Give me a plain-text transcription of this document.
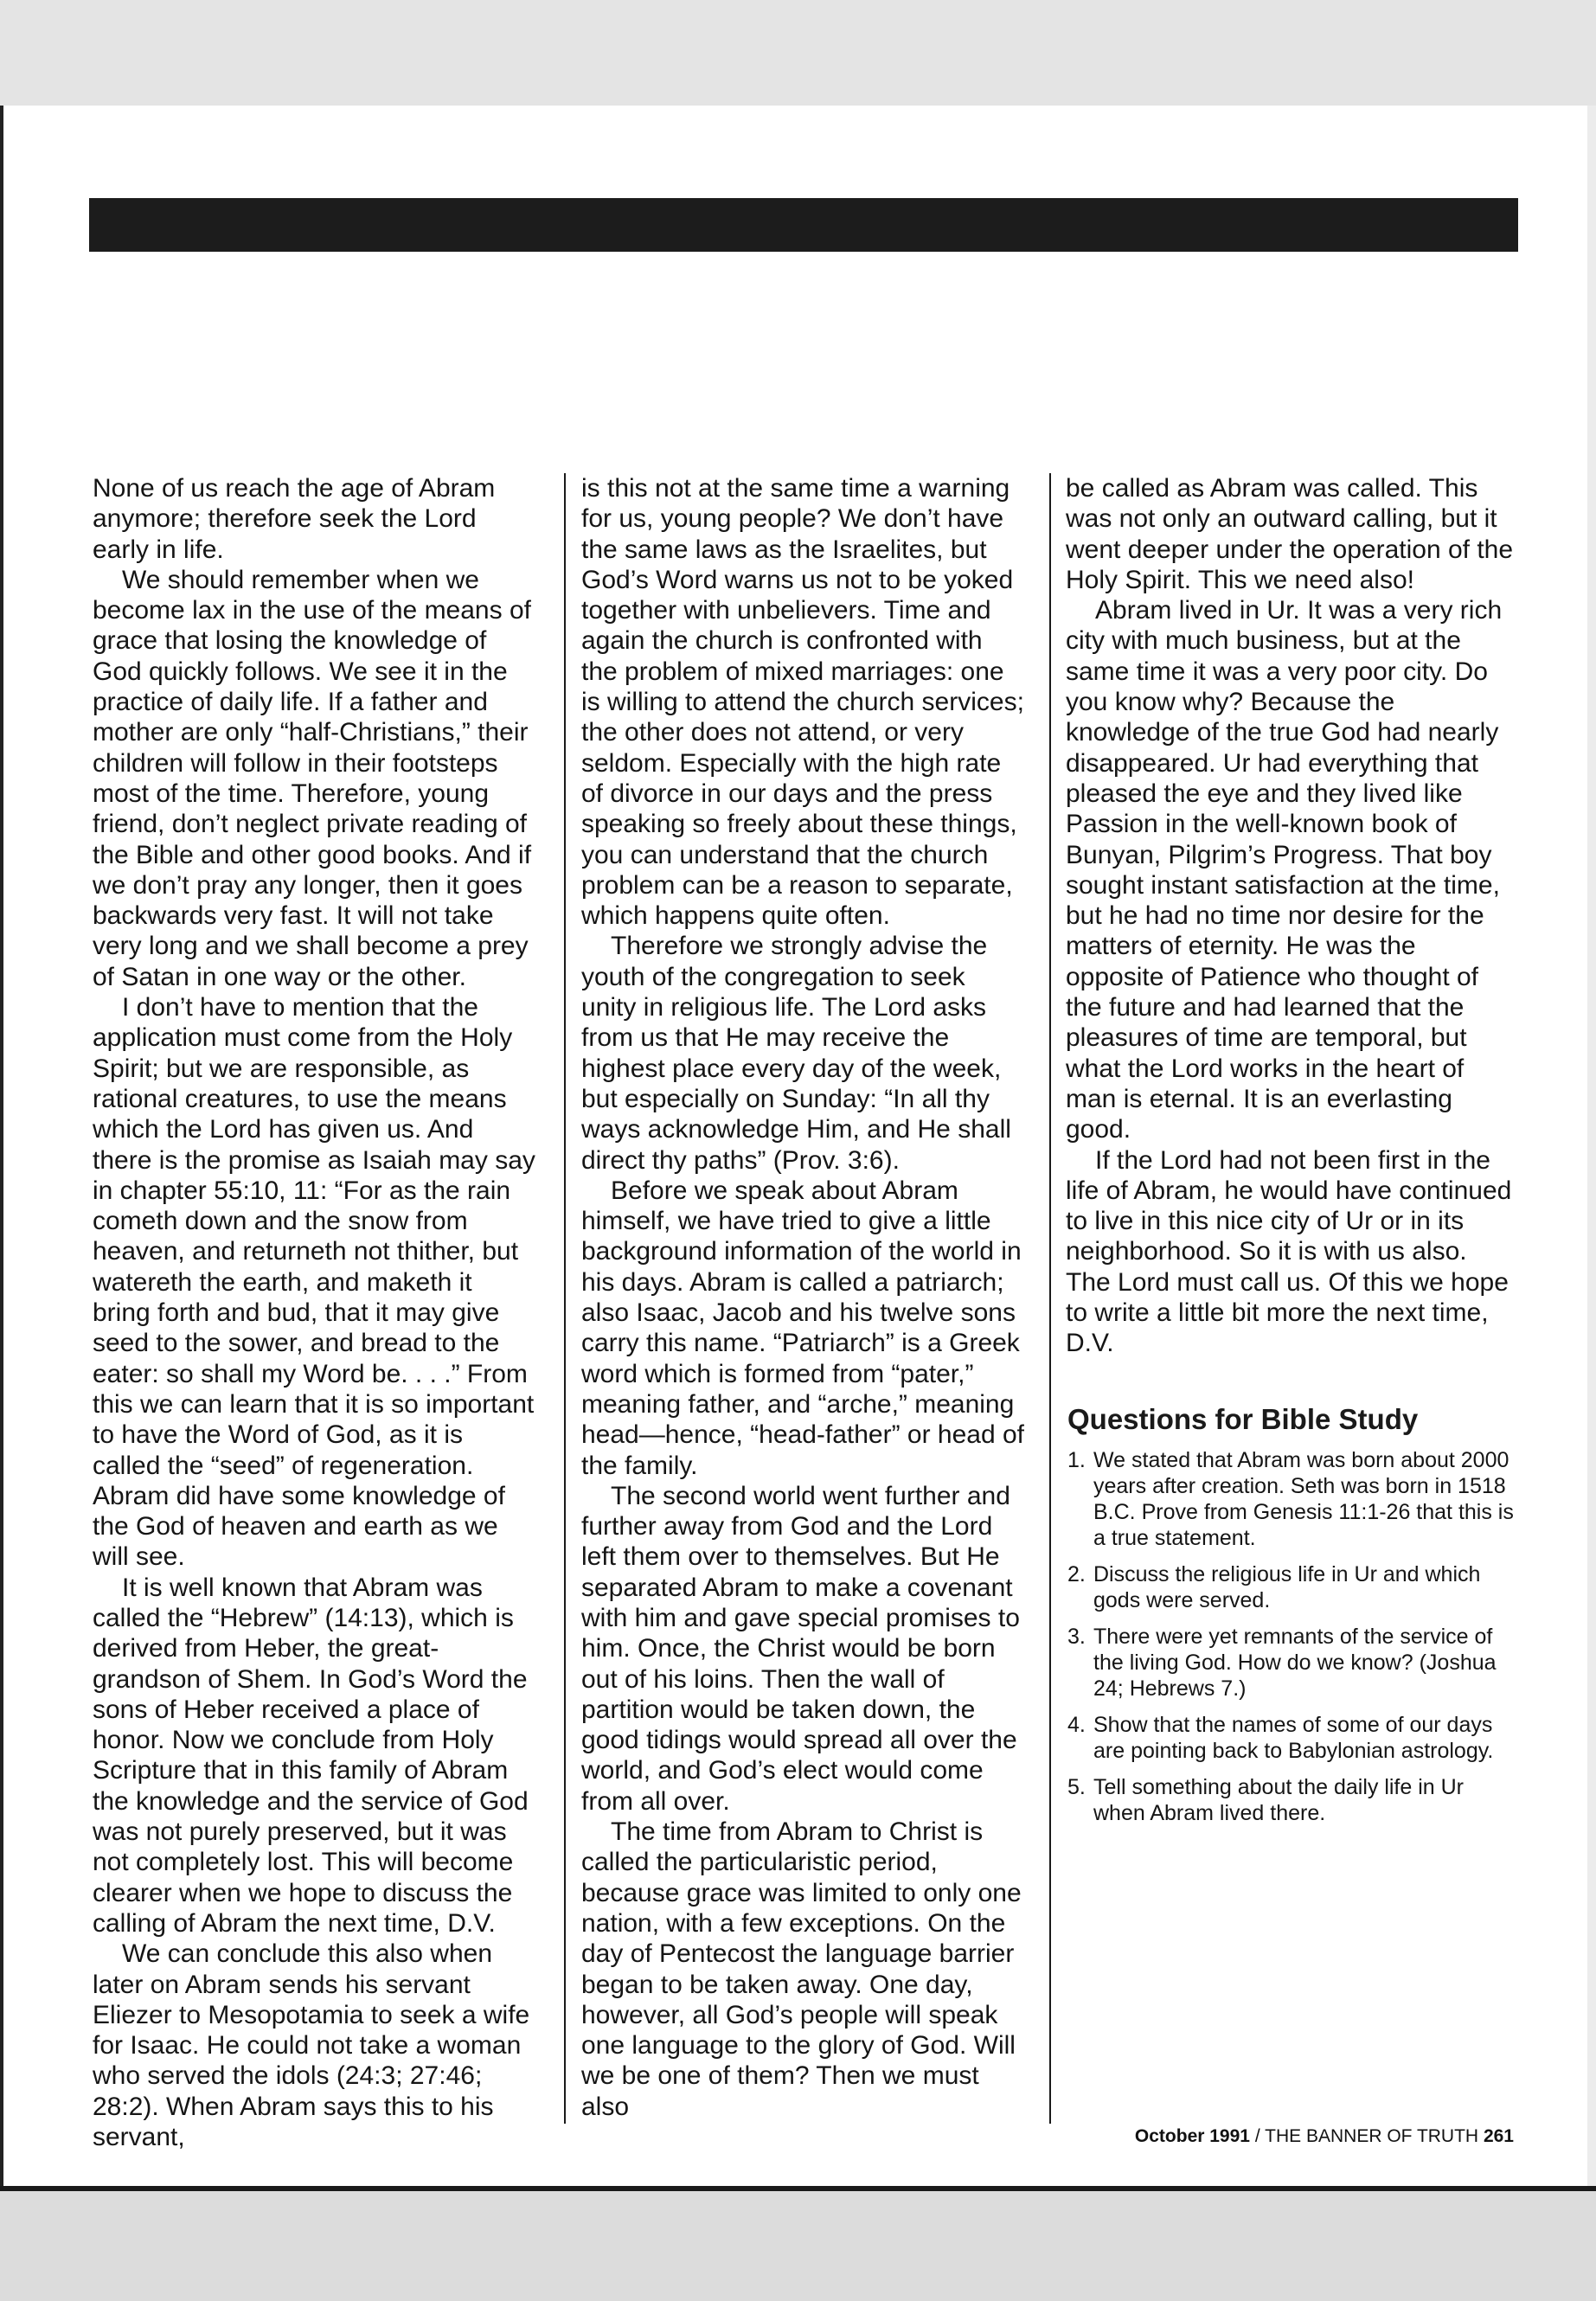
None of us reach the age of Abram anymore; therefore seek the Lord early in life.

We should remember when we become lax in the use of the means of grace that losing the knowledge of God quickly follows. We see it in the practice of daily life. If a father and mother are only “half-Christians,” their children will follow in their footsteps most of the time. Therefore, young friend, don’t neglect private reading of the Bible and other good books. And if we don’t pray any longer, then it goes backwards very fast. It will not take very long and we shall become a prey of Satan in one way or the other.

I don’t have to mention that the application must come from the Holy Spirit; but we are responsible, as rational creatures, to use the means which the Lord has given us. And there is the promise as Isaiah may say in chapter 55:10, 11: “For as the rain cometh down and the snow from heaven, and returneth not thither, but watereth the earth, and maketh it bring forth and bud, that it may give seed to the sower, and bread to the eater: so shall my Word be. . . .” From this we can learn that it is so important to have the Word of God, as it is called the “seed” of regeneration. Abram did have some knowledge of the God of heaven and earth as we will see.

It is well known that Abram was called the “Hebrew” (14:13), which is derived from Heber, the great-grandson of Shem. In God’s Word the sons of Heber received a place of honor. Now we conclude from Holy Scripture that in this family of Abram the knowledge and the service of God was not purely preserved, but it was not completely lost. This will become clearer when we hope to discuss the calling of Abram the next time, D.V.

We can conclude this also when later on Abram sends his servant Eliezer to Mesopotamia to seek a wife for Isaac. He could not take a woman who served the idols (24:3; 27:46; 28:2). When Abram says this to his servant,

is this not at the same time a warning for us, young people? We don’t have the same laws as the Israelites, but God’s Word warns us not to be yoked together with unbelievers. Time and again the church is confronted with the problem of mixed marriages: one is willing to attend the church services; the other does not attend, or very seldom. Especially with the high rate of divorce in our days and the press speaking so freely about these things, you can understand that the church problem can be a reason to separate, which happens quite often.

Therefore we strongly advise the youth of the congregation to seek unity in religious life. The Lord asks from us that He may receive the highest place every day of the week, but especially on Sunday: “In all thy ways acknowledge Him, and He shall direct thy paths” (Prov. 3:6).

Before we speak about Abram himself, we have tried to give a little background information of the world in his days. Abram is called a patriarch; also Isaac, Jacob and his twelve sons carry this name. “Patriarch” is a Greek word which is formed from “pater,” meaning father, and “arche,” meaning head—hence, “head-father” or head of the family.

The second world went further and further away from God and the Lord left them over to themselves. But He separated Abram to make a covenant with him and gave special promises to him. Once, the Christ would be born out of his loins. Then the wall of partition would be taken down, the good tidings would spread all over the world, and God’s elect would come from all over.

The time from Abram to Christ is called the particularistic period, because grace was limited to only one nation, with a few exceptions. On the day of Pentecost the language barrier began to be taken away. One day, however, all God’s people will speak one language to the glory of God. Will we be one of them? Then we must also

be called as Abram was called. This was not only an outward calling, but it went deeper under the operation of the Holy Spirit. This we need also!

Abram lived in Ur. It was a very rich city with much business, but at the same time it was a very poor city. Do you know why? Because the knowledge of the true God had nearly disappeared. Ur had everything that pleased the eye and they lived like Passion in the well-known book of Bunyan, Pilgrim’s Progress. That boy sought instant satisfaction at the time, but he had no time nor desire for the matters of eternity. He was the opposite of Patience who thought of the future and had learned that the pleasures of time are temporal, but what the Lord works in the heart of man is eternal. It is an everlasting good.

If the Lord had not been first in the life of Abram, he would have continued to live in this nice city of Ur or in its neighborhood. So it is with us also. The Lord must call us. Of this we hope to write a little bit more the next time, D.V.

Questions for Bible Study
1. We stated that Abram was born about 2000 years after creation. Seth was born in 1518 B.C. Prove from Genesis 11:1-26 that this is a true statement.
2. Discuss the religious life in Ur and which gods were served.
3. There were yet remnants of the service of the living God. How do we know? (Joshua 24; Hebrews 7.)
4. Show that the names of some of our days are pointing back to Babylonian astrology.
5. Tell something about the daily life in Ur when Abram lived there.
October 1991 / THE BANNER OF TRUTH 261
